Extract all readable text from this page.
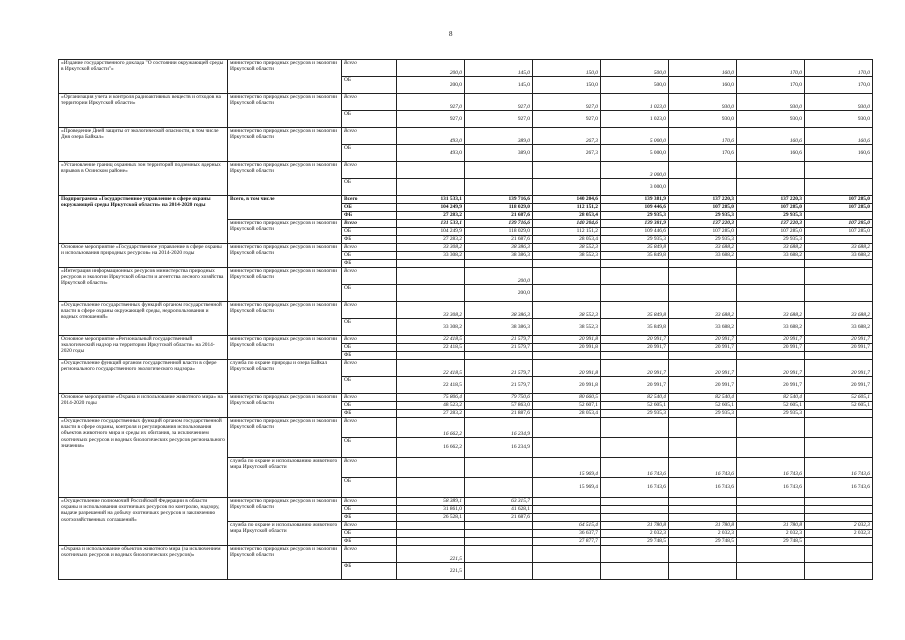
8
«Издание государственного доклада "О состоянии окружающей среды в Иркутской области"»	министерство природных ресурсов и экологии Иркутской области	Всего	200,0	145,0	150,0	500,0	160,0	170,0	170,0
		ОБ	200,0	145,0	150,0	500,0	160,0	170,0	170,0
«Организация учета и контроля радиоактивных веществ и отходов на территории Иркутской области»	министерство природных ресурсов и экологии Иркутской области	Всего	927,0	927,0	927,0	1 023,0	930,0	930,0	930,0
		ОБ	927,0	927,0	927,0	1 023,0	930,0	930,0	930,0
«Проведение Дней защиты от экологической опасности, в том числе Дня озера Байкал»	министерство природных ресурсов и экологии Иркутской области	Всего	493,0	389,0	267,3	5 000,0	170,6	160,6	160,6
		ОБ	493,0	389,0	267,3	5 000,0	170,6	160,6	160,6
«Установление границ охранных зон территорий подземных ядерных взрывов в Осинском районе»	министерство природных ресурсов и экологии Иркутской области	Всего				3 000,0			
		ОБ				3 000,0			
Подпрограмма «Государственное управление в сфере охраны окружающей среды Иркутской области» на 2014-2020 годы	Всего, в том числе	Всего	131 533,1	139 716,6	140 204,6	139 381,9	137 220,3	137 220,3	107 285,0
		ОБ	104 249,9	118 029,0	112 151,2	109 446,6	107 285,0	107 285,0	107 285,0
		ФБ	27 283,2	21 687,6	28 053,4	29 935,3	29 935,3	29 935,3	
	министерство природных ресурсов и экологии Иркутской области	Всего	131 533,1	139 716,6	140 204,6	139 381,9	137 220,3	137 220,3	107 285,0
		ОБ	104 249,9	118 029,0	112 151,2	109 446,6	107 285,0	107 285,0	107 285,0
		ФБ	27 283,2	21 687,6	28 053,4	29 935,3	29 935,3	29 935,3	
Основное мероприятие «Государственное управление в сфере охраны и использования природных ресурсов» на 2014-2020 годы	министерство природных ресурсов и экологии Иркутской области	Всего	33 308,2	38 386,3	38 552,3	35 849,8	33 688,2	33 688,2	33 688,2
		ОБ	33 308,2	38 386,3	38 552,3	35 849,8	33 688,2	33 688,2	33 688,2
		ФБ							
«Интеграция информационных ресурсов министерства природных ресурсов и экологии Иркутской области и агентства лесного хозяйства Иркутской области»	министерство природных ресурсов и экологии Иркутской области	Всего		200,0					
		ОБ		200,0					
«Осуществление государственных функций органом государственной власти в сфере охраны окружающей среды, недропользования и водных отношений»	министерство природных ресурсов и экологии Иркутской области	Всего	33 308,2	38 386,3	38 552,3	35 849,8	33 688,2	33 688,2	33 688,2
		ОБ	33 308,2	38 386,3	38 552,3	35 849,8	33 688,2	33 688,2	33 688,2
Основное мероприятие «Региональный государственный экологический надзор на территории Иркутской области» на 2014-2020 годы	министерство природных ресурсов и экологии Иркутской области	Всего	22 418,5	21 579,7	20 991,8	20 991,7	20 991,7	20 991,7	20 991,7
		ОБ	22 418,5	21 579,7	20 991,8	20 991,7	20 991,7	20 991,7	20 991,7
		ФБ							
«Осуществление функций органом государственной власти в сфере регионального государственного экологического надзора»	служба по охране природы и озера Байкал Иркутской области	Всего	22 418,5	21 579,7	20 991,8	20 991,7	20 991,7	20 991,7	20 991,7
		ОБ	22 418,5	21 579,7	20 991,8	20 991,7	20 991,7	20 991,7	20 991,7
Основное мероприятие «Охрана и использование животного мира» на 2014-2020 годы	министерство природных ресурсов и экологии Иркутской области	Всего	75 806,4	79 750,6	80 660,5	82 540,4	82 540,4	82 540,4	52 605,1
		ОБ	48 523,2	57 863,0	52 607,1	52 605,1	52 605,1	52 605,1	52 605,1
		ФБ	27 283,2	21 887,6	28 053,4	29 935,3	29 935,3	29 935,3	
«Осуществление государственных функций органом государственной власти в сфере охраны, контроля и регулирования использования объектов животного мира и среды их обитания, за исключением охотничьих ресурсов и водных биологических ресурсов регионального значения»	министерство природных ресурсов и экологии Иркутской области	Всего	16 662,2	16 234,9					
		ОБ	16 662,2	16 234,9					
	служба по охране и использованию животного мира Иркутской области	Всего			15 969,4	16 743,6	16 743,6	16 743,6	16 743,6
		ОБ			15 969,4	16 743,6	16 743,6	16 743,6	16 743,6
«Осуществление полномочий Российской Федерации в области охраны и использования охотничьих ресурсов по контролю, надзору, выдаче разрешений на добычу охотничьих ресурсов и заключению охотхозяйственных соглашений»	министерство природных ресурсов и экологии Иркутской области	Всего	58 389,1	63 315,7					
		ОБ	31 861,0	41 628,1					
		ФБ	26 528,1	21 687,6					
	служба по охране и использованию животного мира Иркутской области	Всего			64 515,4	31 780,8	31 780,8	31 780,8	2 032,3
		ОБ			36 637,7	2 032,3	2 032,3	2 032,3	2 032,3
		ФБ			27 877,7	29 748,5	29 748,5	29 748,5	
«Охрана и использование объектов животного мира (за исключением охотничьих ресурсов и водных биологических ресурсов)»	министерство природных ресурсов и экологии Иркутской области	Всего	221,5						
		ФБ	221,5						
